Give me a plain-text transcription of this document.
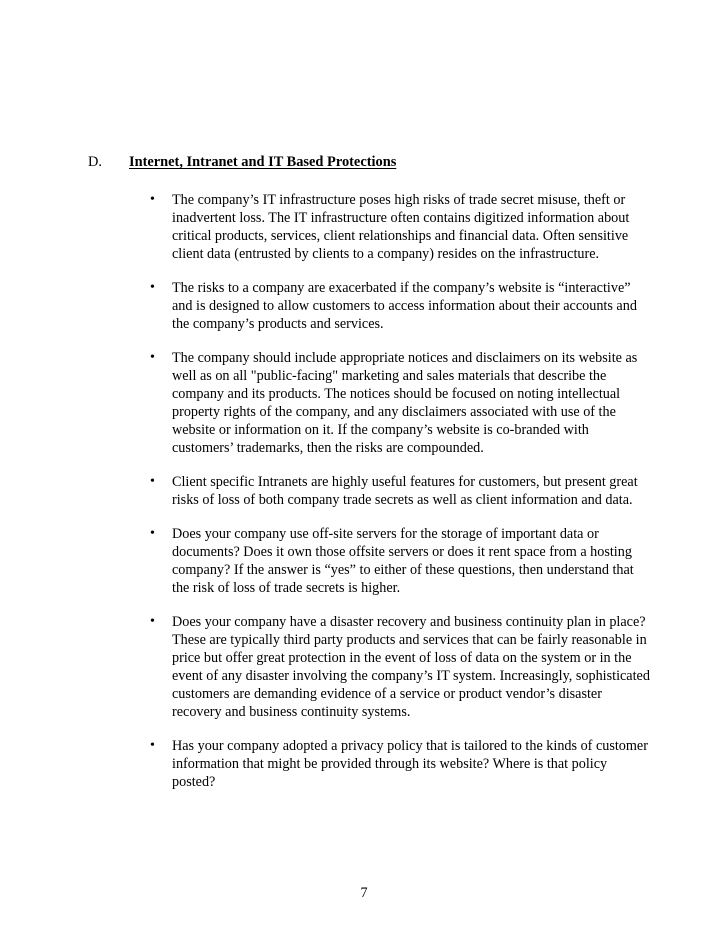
D. Internet, Intranet and IT Based Protections
• The company’s IT infrastructure poses high risks of trade secret misuse, theft or inadvertent loss. The IT infrastructure often contains digitized information about critical products, services, client relationships and financial data. Often sensitive client data (entrusted by clients to a company) resides on the infrastructure.
• The risks to a company are exacerbated if the company’s website is “interactive” and is designed to allow customers to access information about their accounts and the company’s products and services.
• The company should include appropriate notices and disclaimers on its website as well as on all "public-facing" marketing and sales materials that describe the company and its products. The notices should be focused on noting intellectual property rights of the company, and any disclaimers associated with use of the website or information on it. If the company’s website is co-branded with customers’ trademarks, then the risks are compounded.
• Client specific Intranets are highly useful features for customers, but present great risks of loss of both company trade secrets as well as client information and data.
• Does your company use off-site servers for the storage of important data or documents? Does it own those offsite servers or does it rent space from a hosting company? If the answer is “yes” to either of these questions, then understand that the risk of loss of trade secrets is higher.
• Does your company have a disaster recovery and business continuity plan in place? These are typically third party products and services that can be fairly reasonable in price but offer great protection in the event of loss of data on the system or in the event of any disaster involving the company’s IT system. Increasingly, sophisticated customers are demanding evidence of a service or product vendor’s disaster recovery and business continuity systems.
• Has your company adopted a privacy policy that is tailored to the kinds of customer information that might be provided through its website? Where is that policy posted?
7
